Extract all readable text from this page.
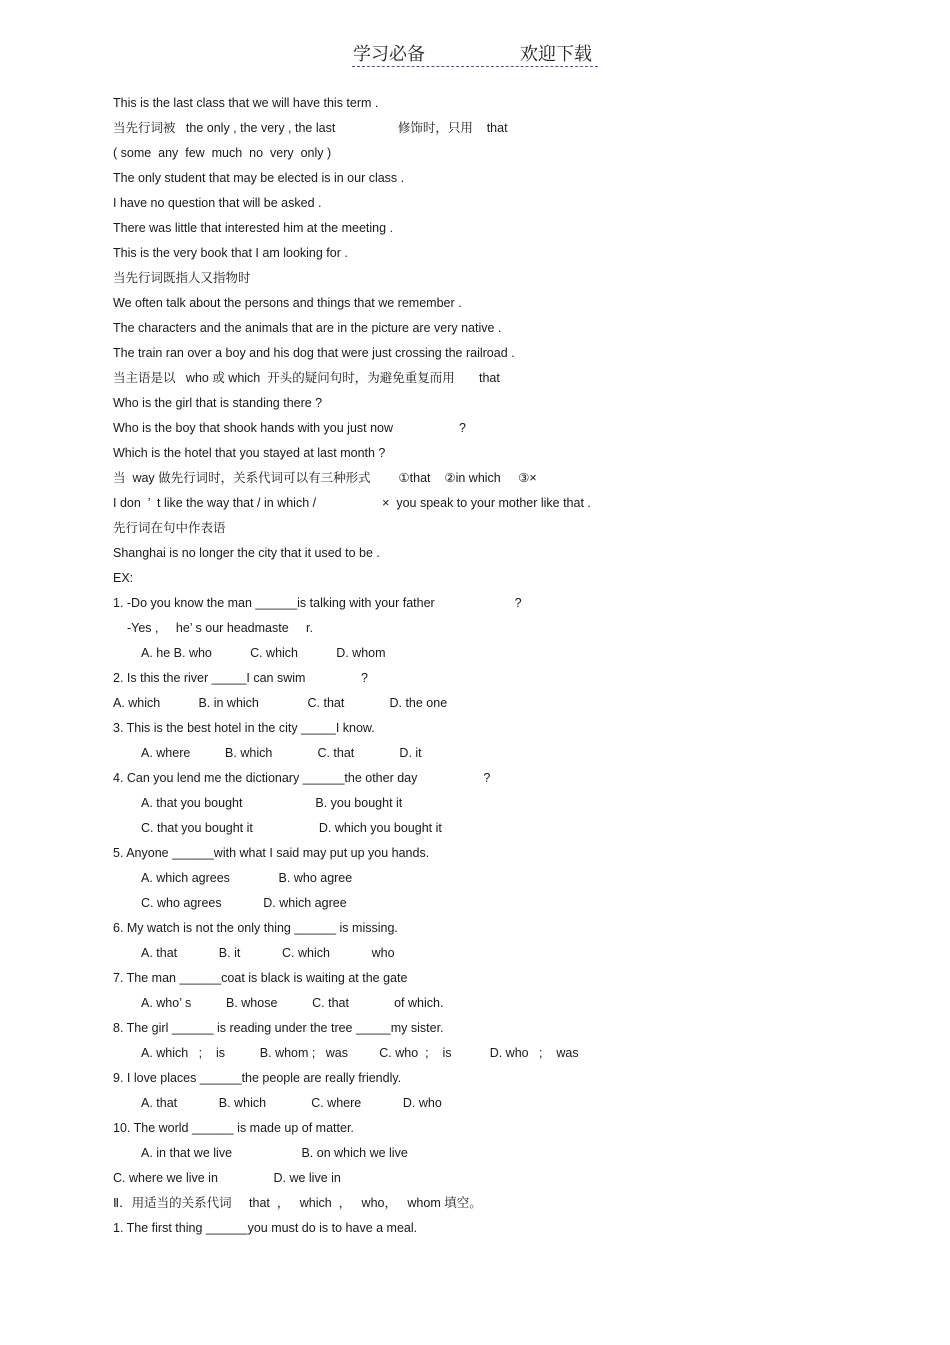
学习必备	欢迎下载
This is the last class that we will have this term .
当先行词被   the only , the very , the last                  修饰时，只用    that
( some  any  few  much  no  very  only )
The only student that may be elected is in our class .
I have no question that will be asked .
There was little that interested him at the meeting .
This is the very book that I am looking for .
当先行词既指人又指物时
We often talk about the persons and things that we remember .
The characters and the animals that are in the picture are very native .
The train ran over a boy and his dog that were just crossing the railroad .
当主语是以   who 或 which  开头的疑问句时，为避免重复而用       that
Who is the girl that is standing there ?
Who is the boy that shook hands with you just now                   ?
Which is the hotel that you stayed at last month ?
当  way 做先行词时，关系代词可以有三种形式        ①that    ②in which     ③×
I don  ’  t like the way that / in which /                   ×  you speak to your mother like that .
先行词在句中作表语
Shanghai is no longer the city that it used to be .
EX:
1. -Do you know the man ______is talking with your father                       ?
-Yes ,     he’ s our headmaste     r.
A. he B. who           C. which           D. whom
2. Is this the river _____I can swim                ?
A. which           B. in which              C. that             D. the one
3. This is the best hotel in the city _____I know.
A. where          B. which             C. that             D. it
4. Can you lend me the dictionary ______the other day                   ?
A. that you bought                     B. you bought it
C. that you bought it                   D. which you bought it
5. Anyone ______with what I said may put up you hands.
A. which agrees              B. who agree
C. who agrees            D. which agree
6. My watch is not the only thing ______ is missing.
A. that            B. it            C. which            who
7. The man ______coat is black is waiting at the gate
A. who’ s          B. whose          C. that             of which.
8. The girl ______ is reading under the tree _____my sister.
A. which   ;    is          B. whom ;   was         C. who  ;    is           D. who   ;    was
9. I love places ______the people are really friendly.
A. that            B. which             C. where            D. who
10. The world ______ is made up of matter.
A. in that we live                    B. on which we live
C. where we live in                D. we live in
Ⅱ．用适当的关系代词     that  ，   which  ，   who，   whom 填空。
1. The first thing ______you must do is to have a meal.
